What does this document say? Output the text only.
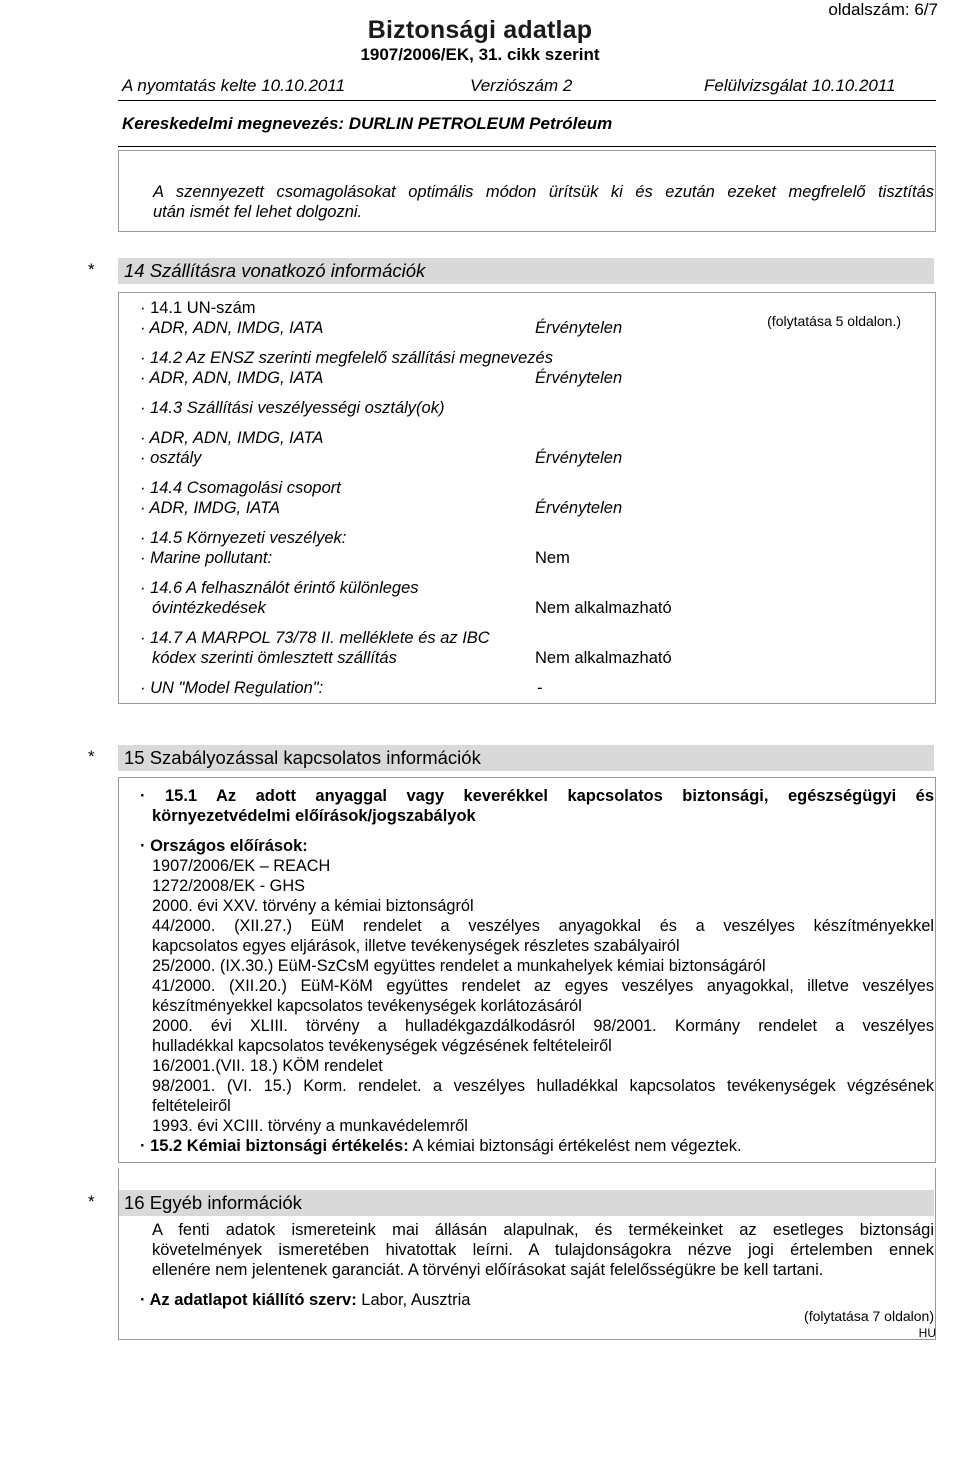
oldalszám: 6/7
Biztonsági adatlap
1907/2006/EK, 31. cikk szerint
A nyomtatás kelte 10.10.2011	Verziószám 2	Felülvizsgálat 10.10.2011
Kereskedelmi megnevezés: DURLIN PETROLEUM Petróleum
(folytatása 5 oldalon.)
A szennyezett csomagolásokat optimális módon ürítsük ki és ezután ezeket megfrelelő tisztítás
után ismét fel lehet dolgozni.
*	14 Szállításra vonatkozó információk
· 14.1 UN-szám
· ADR, ADN, IMDG, IATA	Érvénytelen
· 14.2 Az ENSZ szerinti megfelelő szállítási megnevezés
· ADR, ADN, IMDG, IATA	Érvénytelen
· 14.3 Szállítási veszélyességi osztály(ok)
· ADR, ADN, IMDG, IATA
· osztály	Érvénytelen
· 14.4 Csomagolási csoport
· ADR, IMDG, IATA	Érvénytelen
· 14.5 Környezeti veszélyek:
· Marine pollutant:	Nem
· 14.6 A felhasználót érintő különleges
óvintézkedések	Nem alkalmazható
· 14.7 A MARPOL 73/78 II. melléklete és az IBC
kódex szerinti ömlesztett szállítás	Nem alkalmazható
· UN "Model Regulation":	-
*	15 Szabályozással kapcsolatos információk
· 15.1 Az adott anyaggal vagy keverékkel kapcsolatos biztonsági, egészségügyi és
környezetvédelmi előírások/jogszabályok
· Országos előírások:
1907/2006/EK – REACH
1272/2008/EK - GHS
2000. évi XXV. törvény a kémiai biztonságról
44/2000. (XII.27.) EüM rendelet a veszélyes anyagokkal és a veszélyes készítményekkel
kapcsolatos egyes eljárások, illetve tevékenységek részletes szabályairól
25/2000. (IX.30.) EüM-SzCsM együttes rendelet a munkahelyek kémiai biztonságáról
41/2000. (XII.20.) EüM-KöM együttes rendelet az egyes veszélyes anyagokkal, illetve veszélyes
készítményekkel kapcsolatos tevékenységek korlátozásáról
2000. évi XLIII. törvény a hulladékgazdálkodásról 98/2001. Kormány rendelet a veszélyes
hulladékkal kapcsolatos tevékenységek végzésének feltételeiről
16/2001.(VII. 18.) KÖM rendelet
98/2001. (VI. 15.) Korm. rendelet. a veszélyes hulladékkal kapcsolatos tevékenységek végzésének
feltételeiről
1993. évi XCIII. törvény a munkavédelemről
· 15.2 Kémiai biztonsági értékelés: A kémiai biztonsági értékelést nem végeztek.
*	16 Egyéb információk
A fenti adatok ismereteink mai állásán alapulnak, és termékeinket az esetleges biztonsági
követelmények ismeretében hivatottak leírni. A tulajdonságokra nézve jogi értelemben ennek
ellenére nem jelentenek garanciát. A törvényi előírásokat saját felelősségükre be kell tartani.
· Az adatlapot kiállító szerv: Labor, Ausztria
(folytatása 7 oldalon)
HU
